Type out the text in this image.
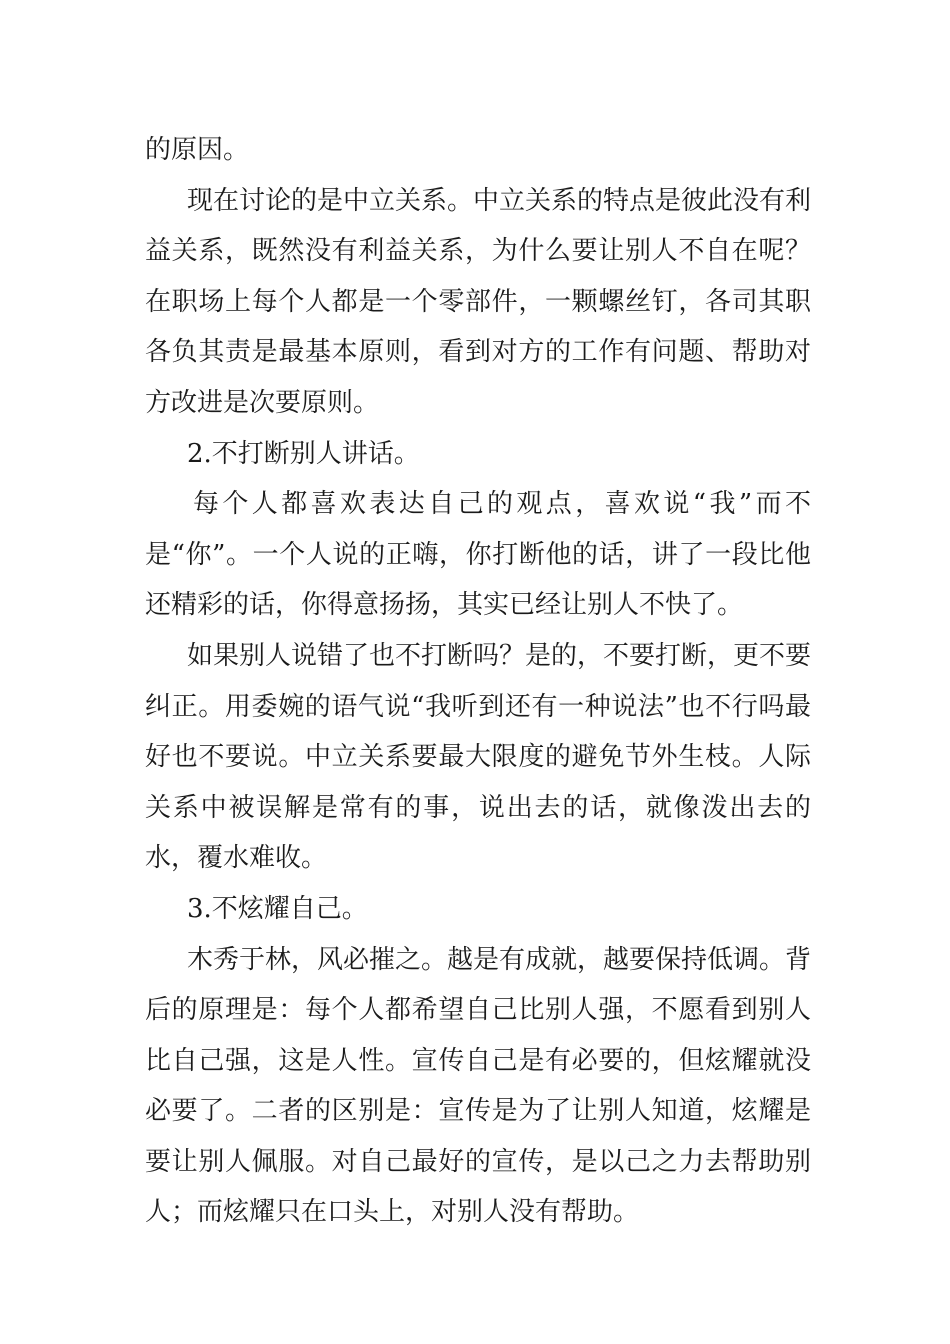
的原因。

现在讨论的是中立关系。中立关系的特点是彼此没有利益关系，既然没有利益关系，为什么要让别人不自在呢？在职场上每个人都是一个零部件，一颗螺丝钉，各司其职各负其责是最基本原则，看到对方的工作有问题、帮助对方改进是次要原则。

2.不打断别人讲话。

每个人都喜欢表达自己的观点，喜欢说“我”而不是“你”。一个人说的正嗨，你打断他的话，讲了一段比他还精彩的话，你得意扬扬，其实已经让别人不快了。

如果别人说错了也不打断吗？是的，不要打断，更不要纠正。用委婉的语气说“我听到还有一种说法”也不行吗最好也不要说。中立关系要最大限度的避免节外生枝。人际关系中被误解是常有的事，说出去的话，就像泼出去的水，覆水难收。

3.不炫耀自己。

木秀于林，风必摧之。越是有成就，越要保持低调。背后的原理是：每个人都希望自己比别人强，不愿看到别人比自己强，这是人性。宣传自己是有必要的，但炫耀就没必要了。二者的区别是：宣传是为了让别人知道，炫耀是要让别人佩服。对自己最好的宣传，是以己之力去帮助别人；而炫耀只在口头上，对别人没有帮助。
